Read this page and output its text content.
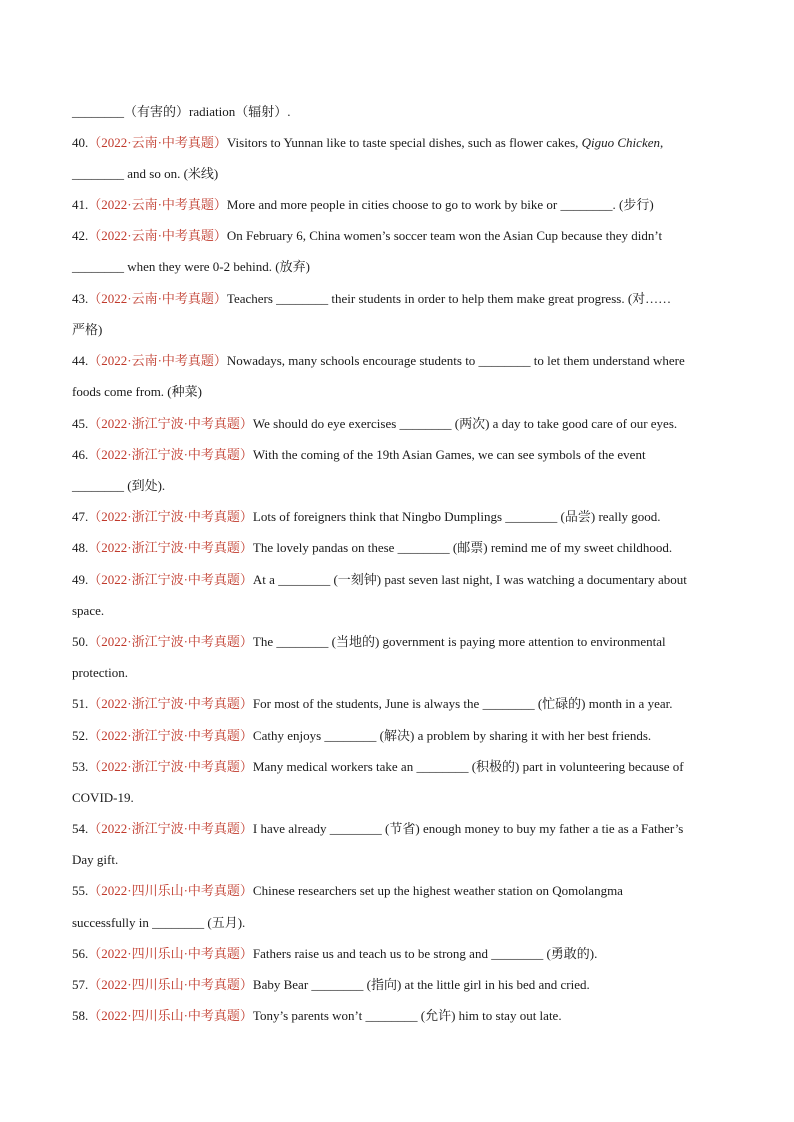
________（有害的）radiation（辐射）.
40.（2022·云南·中考真题）Visitors to Yunnan like to taste special dishes, such as flower cakes, Qiguo Chicken,
________ and so on. (米线)
41.（2022·云南·中考真题）More and more people in cities choose to go to work by bike or ________. (步行)
42.（2022·云南·中考真题）On February 6, China women’s soccer team won the Asian Cup because they didn’t
________ when they were 0-2 behind. (放弃)
43.（2022·云南·中考真题）Teachers ________ their students in order to help them make great progress. (对……
严格)
44.（2022·云南·中考真题）Nowadays, many schools encourage students to ________ to let them understand where
foods come from. (种菜)
45.（2022·浙江宁波·中考真题）We should do eye exercises ________ (两次) a day to take good care of our eyes.
46.（2022·浙江宁波·中考真题）With the coming of the 19th Asian Games, we can see symbols of the event
________ (到处).
47.（2022·浙江宁波·中考真题）Lots of foreigners think that Ningbo Dumplings ________ (品尝) really good.
48.（2022·浙江宁波·中考真题）The lovely pandas on these ________ (邮票) remind me of my sweet childhood.
49.（2022·浙江宁波·中考真题）At a ________ (一刻钟) past seven last night, I was watching a documentary about
space.
50.（2022·浙江宁波·中考真题）The ________ (当地的) government is paying more attention to environmental
protection.
51.（2022·浙江宁波·中考真题）For most of the students, June is always the ________ (忙碌的) month in a year.
52.（2022·浙江宁波·中考真题）Cathy enjoys ________ (解决) a problem by sharing it with her best friends.
53.（2022·浙江宁波·中考真题）Many medical workers take an ________ (积极的) part in volunteering because of
COVID-19.
54.（2022·浙江宁波·中考真题）I have already ________ (节省) enough money to buy my father a tie as a Father’s
Day gift.
55.（2022·四川乐山·中考真题）Chinese researchers set up the highest weather station on Qomolangma
successfully in ________ (五月).
56.（2022·四川乐山·中考真题）Fathers raise us and teach us to be strong and ________ (勇敢的).
57.（2022·四川乐山·中考真题）Baby Bear ________ (指向) at the little girl in his bed and cried.
58.（2022·四川乐山·中考真题）Tony’s parents won’t ________ (允许) him to stay out late.
